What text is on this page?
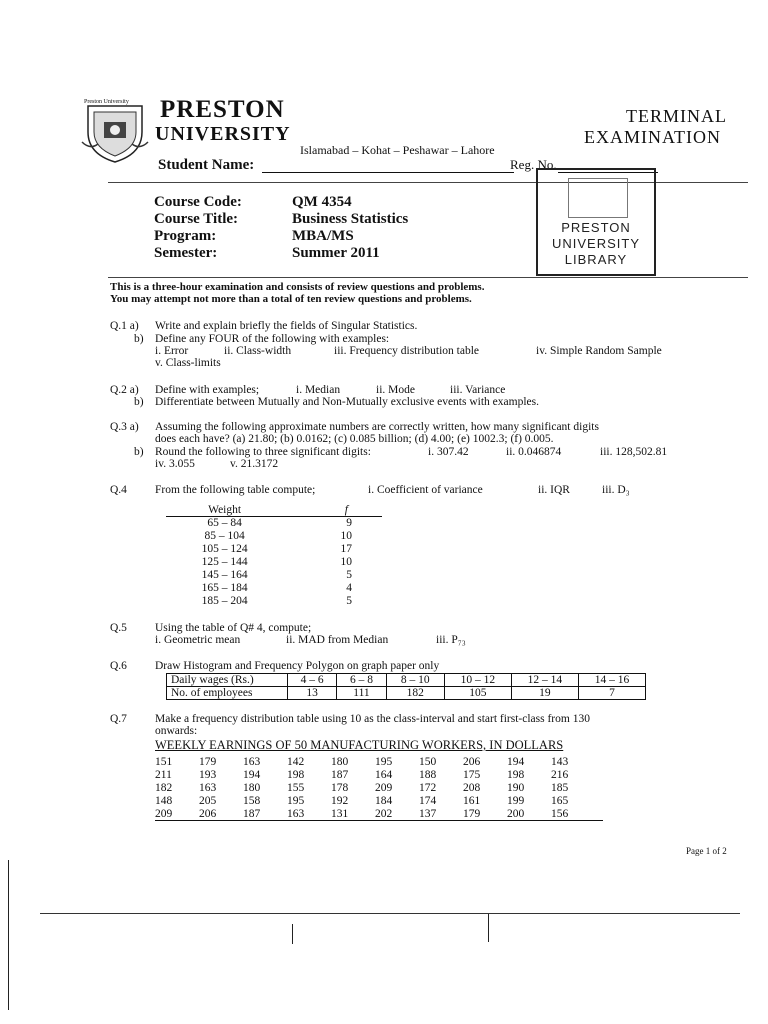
Preston University PRESTON
UNIVERSITY
TERMINAL
EXAMINATION
Islamabad – Kohat – Peshawar – Lahore
Student Name:	Reg. No.
Course Code:	QM 4354
Course Title:	Business Statistics
Program:	MBA/MS
Semester:	Summer 2011
PRESTON
UNIVERSITY
LIBRARY
This is a three-hour examination and consists of review questions and problems.
You may attempt not more than a total of ten review questions and problems.
Q.1 a) Write and explain briefly the fields of Singular Statistics.
b) Define any FOUR of the following with examples:
i. Error	ii. Class-width	iii. Frequency distribution table	iv. Simple Random Sample
v. Class-limits
Q.2 a) Define with examples;	i. Median	ii. Mode	iii. Variance
b) Differentiate between Mutually and Non-Mutually exclusive events with examples.
Q.3 a) Assuming the following approximate numbers are correctly written, how many significant digits
does each have? (a) 21.80; (b) 0.0162; (c) 0.085 billion; (d) 4.00; (e) 1002.3; (f) 0.005.
b) Round the following to three significant digits:	i. 307.42	ii. 0.046874	iii. 128,502.81
iv. 3.055	v. 21.3172
Q.4 From the following table compute;	i. Coefficient of variance	ii. IQR	iii. D₃
Weight	f
65 – 84	9
85 – 104	10
105 – 124	17
125 – 144	10
145 – 164	5
165 – 184	4
185 – 204	5
Q.5 Using the table of Q# 4, compute;
i. Geometric mean	ii. MAD from Median	iii. P₇₃
Q.6 Draw Histogram and Frequency Polygon on graph paper only
Daily wages (Rs.)	4 – 6	6 – 8	8 – 10	10 – 12	12 – 14	14 – 16
No. of employees	13	111	182	105	19	7
Q.7 Make a frequency distribution table using 10 as the class-interval and start first-class from 130
onwards:
WEEKLY EARNINGS OF 50 MANUFACTURING WORKERS, IN DOLLARS
151	179	163	142	180	195	150	206	194	143
211	193	194	198	187	164	188	175	198	216
182	163	180	155	178	209	172	208	190	185
148	205	158	195	192	184	174	161	199	165
209	206	187	163	131	202	137	179	200	156
Page 1 of 2
